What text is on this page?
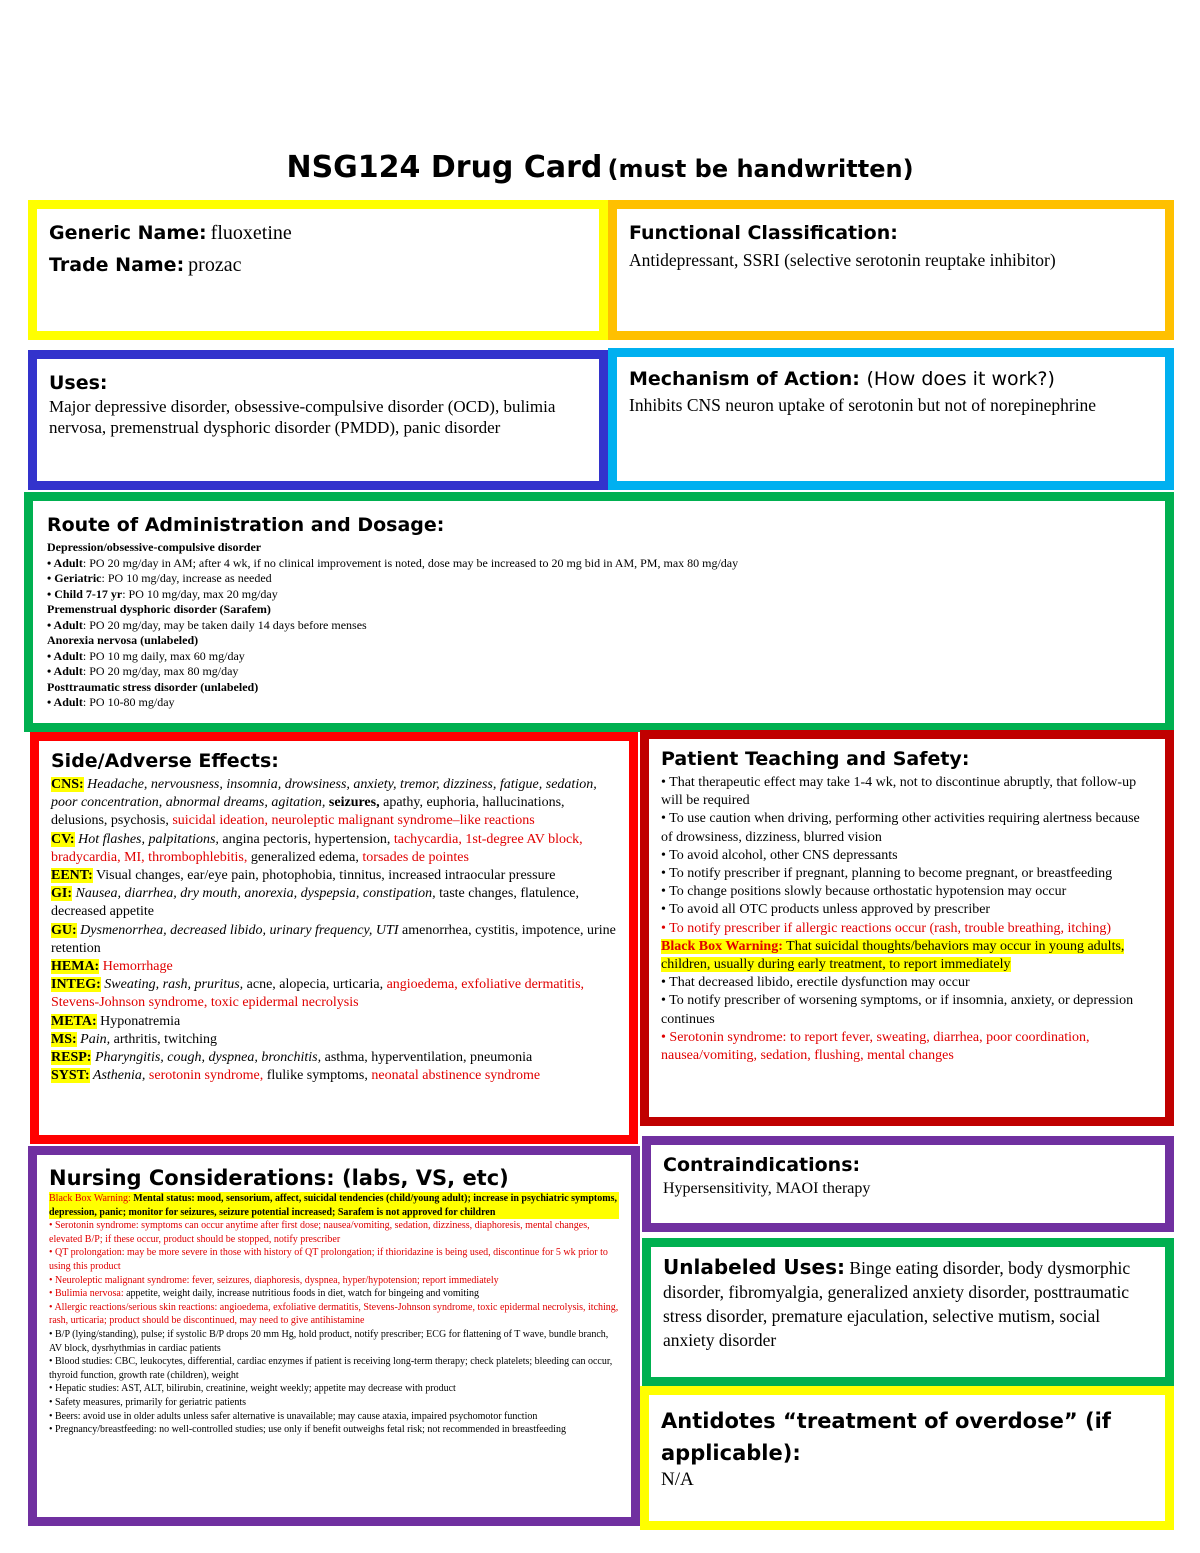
NSG124 Drug Card (must be handwritten)
Generic Name: fluoxetine
Trade Name: prozac
Functional Classification:
Antidepressant, SSRI (selective serotonin reuptake inhibitor)
Uses:
Major depressive disorder, obsessive-compulsive disorder (OCD), bulimia nervosa, premenstrual dysphoric disorder (PMDD), panic disorder
Mechanism of Action: (How does it work?)
Inhibits CNS neuron uptake of serotonin but not of norepinephrine
Route of Administration and Dosage:
Depression/obsessive-compulsive disorder
• Adult: PO 20 mg/day in AM; after 4 wk, if no clinical improvement is noted, dose may be increased to 20 mg bid in AM, PM, max 80 mg/day
• Geriatric: PO 10 mg/day, increase as needed
• Child 7-17 yr: PO 10 mg/day, max 20 mg/day
Premenstrual dysphoric disorder (Sarafem)
• Adult: PO 20 mg/day, may be taken daily 14 days before menses
Anorexia nervosa (unlabeled)
• Adult: PO 10 mg daily, max 60 mg/day
• Adult: PO 20 mg/day, max 80 mg/day
Posttraumatic stress disorder (unlabeled)
• Adult: PO 10-80 mg/day
Side/Adverse Effects:
CNS: Headache, nervousness, insomnia, drowsiness, anxiety, tremor, dizziness, fatigue, sedation, poor concentration, abnormal dreams, agitation, seizures, apathy, euphoria, hallucinations, delusions, psychosis, suicidal ideation, neuroleptic malignant syndrome–like reactions
CV: Hot flashes, palpitations, angina pectoris, hypertension, tachycardia, 1st-degree AV block, bradycardia, MI, thrombophlebitis, generalized edema, torsades de pointes
EENT: Visual changes, ear/eye pain, photophobia, tinnitus, increased intraocular pressure
GI: Nausea, diarrhea, dry mouth, anorexia, dyspepsia, constipation, taste changes, flatulence, decreased appetite
GU: Dysmenorrhea, decreased libido, urinary frequency, UTI amenorrhea, cystitis, impotence, urine retention
HEMA: Hemorrhage
INTEG: Sweating, rash, pruritus, acne, alopecia, urticaria, angioedema, exfoliative dermatitis, Stevens-Johnson syndrome, toxic epidermal necrolysis
META: Hyponatremia
MS: Pain, arthritis, twitching
RESP: Pharyngitis, cough, dyspnea, bronchitis, asthma, hyperventilation, pneumonia
SYST: Asthenia, serotonin syndrome, flulike symptoms, neonatal abstinence syndrome
Patient Teaching and Safety:
• That therapeutic effect may take 1-4 wk, not to discontinue abruptly, that follow-up will be required
• To use caution when driving, performing other activities requiring alertness because of drowsiness, dizziness, blurred vision
• To avoid alcohol, other CNS depressants
• To notify prescriber if pregnant, planning to become pregnant, or breastfeeding
• To change positions slowly because orthostatic hypotension may occur
• To avoid all OTC products unless approved by prescriber
• To notify prescriber if allergic reactions occur (rash, trouble breathing, itching)
Black Box Warning: That suicidal thoughts/behaviors may occur in young adults, children, usually during early treatment, to report immediately
• That decreased libido, erectile dysfunction may occur
• To notify prescriber of worsening symptoms, or if insomnia, anxiety, or depression continues
• Serotonin syndrome: to report fever, sweating, diarrhea, poor coordination, nausea/vomiting, sedation, flushing, mental changes
Nursing Considerations: (labs, VS, etc)
Black Box Warning: Mental status: mood, sensorium, affect, suicidal tendencies (child/young adult); increase in psychiatric symptoms, depression, panic; monitor for seizures, seizure potential increased; Sarafem is not approved for children
• Serotonin syndrome: symptoms can occur anytime after first dose; nausea/vomiting, sedation, dizziness, diaphoresis, mental changes, elevated B/P; if these occur, product should be stopped, notify prescriber
• QT prolongation: may be more severe in those with history of QT prolongation; if thioridazine is being used, discontinue for 5 wk prior to using this product
• Neuroleptic malignant syndrome: fever, seizures, diaphoresis, dyspnea, hyper/hypotension; report immediately
• Bulimia nervosa: appetite, weight daily, increase nutritious foods in diet, watch for bingeing and vomiting
• Allergic reactions/serious skin reactions: angioedema, exfoliative dermatitis, Stevens-Johnson syndrome, toxic epidermal necrolysis, itching, rash, urticaria; product should be discontinued, may need to give antihistamine
• B/P (lying/standing), pulse; if systolic B/P drops 20 mm Hg, hold product, notify prescriber; ECG for flattening of T wave, bundle branch, AV block, dysrhythmias in cardiac patients
• Blood studies: CBC, leukocytes, differential, cardiac enzymes if patient is receiving long-term therapy; check platelets; bleeding can occur, thyroid function, growth rate (children), weight
• Hepatic studies: AST, ALT, bilirubin, creatinine, weight weekly; appetite may decrease with product
• Safety measures, primarily for geriatric patients
• Beers: avoid use in older adults unless safer alternative is unavailable; may cause ataxia, impaired psychomotor function
• Pregnancy/breastfeeding: no well-controlled studies; use only if benefit outweighs fetal risk; not recommended in breastfeeding
Contraindications:
Hypersensitivity, MAOI therapy
Unlabeled Uses: Binge eating disorder, body dysmorphic disorder, fibromyalgia, generalized anxiety disorder, posttraumatic stress disorder, premature ejaculation, selective mutism, social anxiety disorder
Antidotes “treatment of overdose” (if applicable):
N/A
